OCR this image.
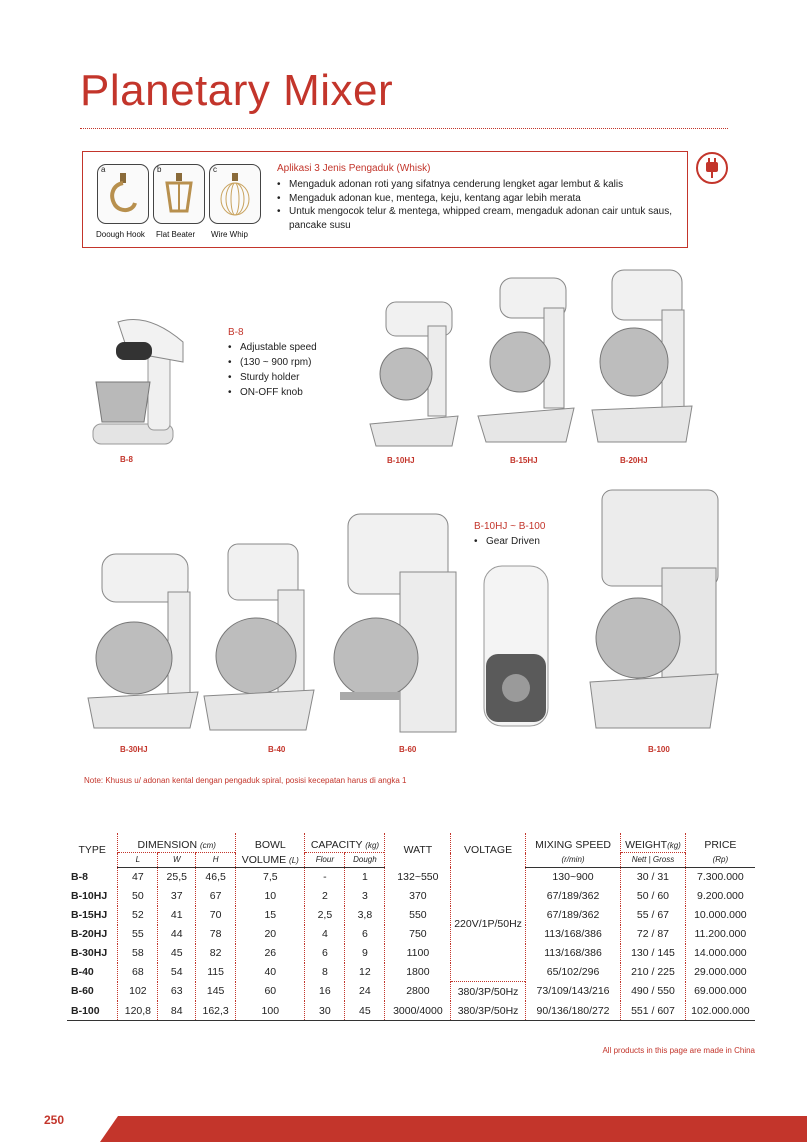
Planetary Mixer
a	b	c
Doough Hook Flat Beater Wire Whip
Aplikasi 3 Jenis Pengaduk (Whisk)
• Mengaduk adonan roti yang sifatnya cenderung lengket agar lembut & kalis
• Mengaduk adonan kue, mentega, keju, kentang agar lebih merata
• Untuk mengocok telur & mentega, whipped cream, mengaduk adonan cair untuk saus, pancake susu
B-8
B-8
• Adjustable speed
• (130 ~ 900 rpm)
• Sturdy holder
• ON-OFF knob
B-10HJ	B-15HJ	B-20HJ
B-30HJ	B-40	B-60
B-10HJ ~ B-100
• Gear Driven
B-100
Note: Khusus u/ adonan kental dengan pengaduk spiral, posisi kecepatan harus di angka 1
TYPE	DIMENSION (cm)			BOWL	CAPACITY (kg)		WATT	VOLTAGE	MIXING SPEED	WEIGHT(kg)	PRICE
	L	W	H	VOLUME (L)	Flour	Dough			(r/min)	Nett | Gross	(Rp)
B-8	47	25,5	46,5	7,5	-	1	132~550	220V/1P/50Hz	130~900	30 / 31	7.300.000
B-10HJ	50	37	67	10	2	3	370		67/189/362	50 / 60	9.200.000
B-15HJ	52	41	70	15	2,5	3,8	550		67/189/362	55 / 67	10.000.000
B-20HJ	55	44	78	20	4	6	750		113/168/386	72 / 87	11.200.000
B-30HJ	58	45	82	26	6	9	1100		113/168/386	130 / 145	14.000.000
B-40	68	54	115	40	8	12	1800		65/102/296	210 / 225	29.000.000
B-60	102	63	145	60	16	24	2800	380/3P/50Hz	73/109/143/216	490 / 550	69.000.000
B-100	120,8	84	162,3	100	30	45	3000/4000	380/3P/50Hz	90/136/180/272	551 / 607	102.000.000
All products in this page are made in China
250
